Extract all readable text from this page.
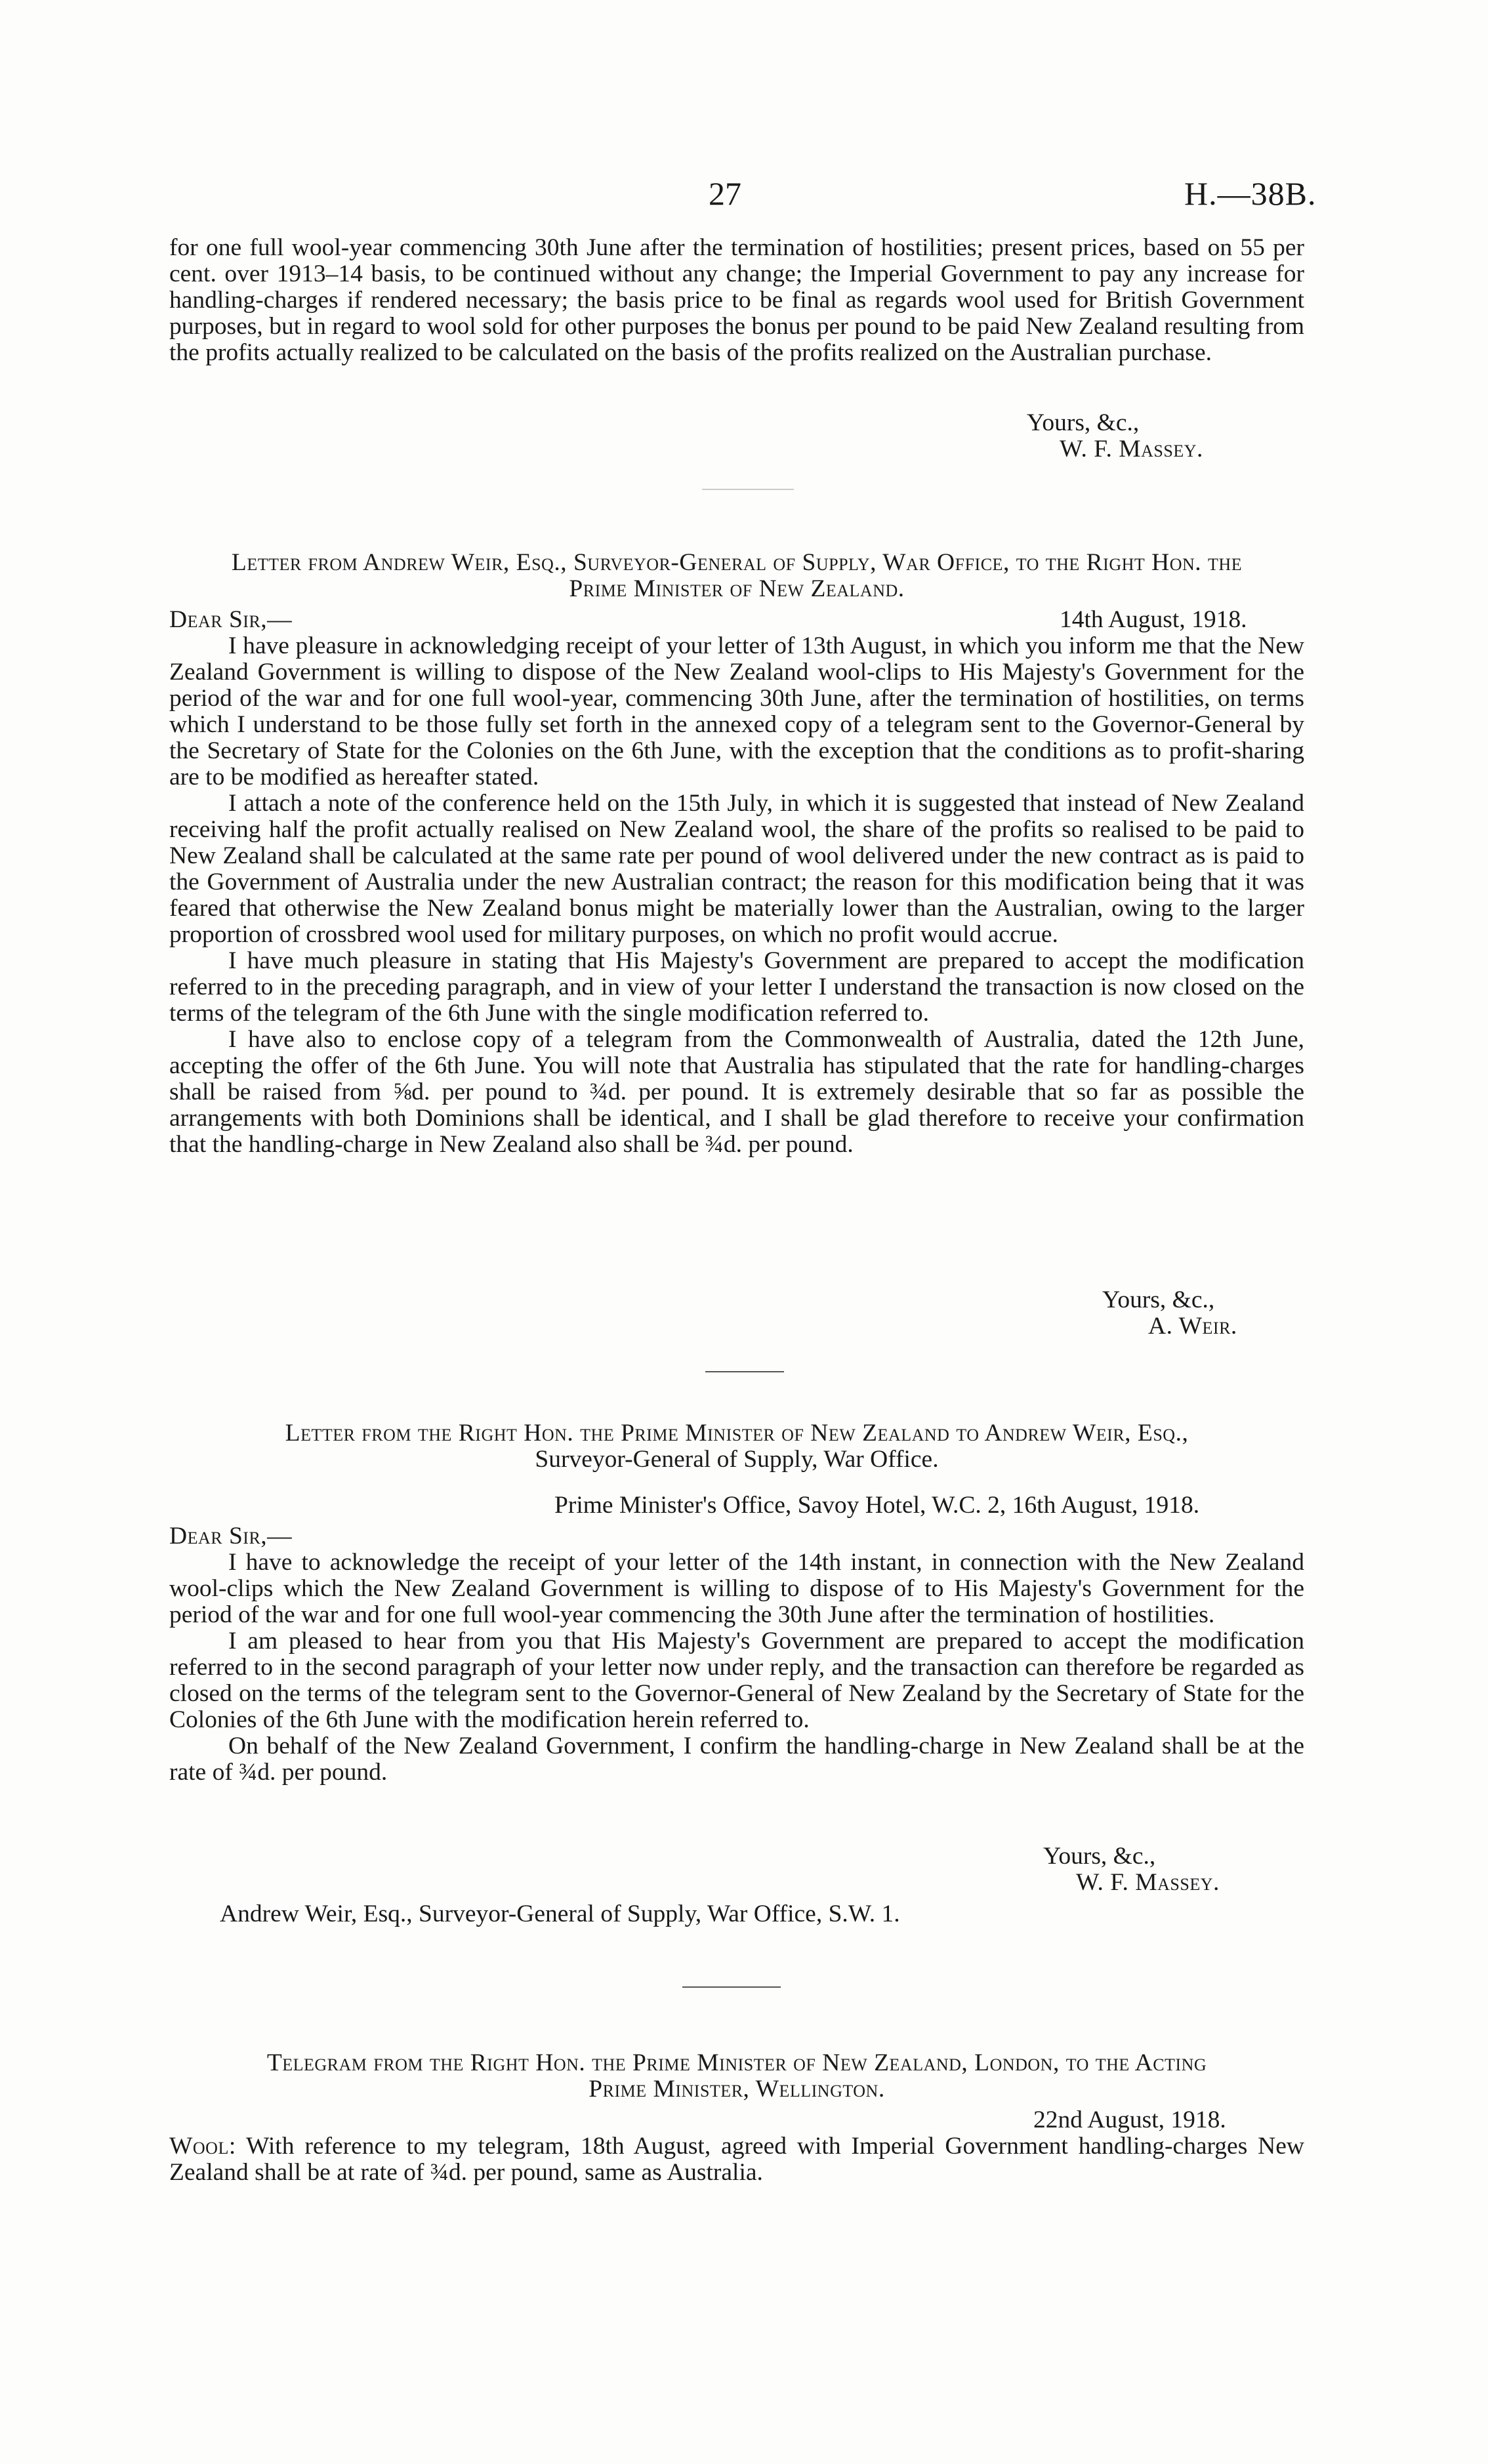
27	H.—38B.

for one full wool-year commencing 30th June after the termination of hostilities; present prices, based on 55 per cent. over 1913–14 basis, to be continued without any change; the Imperial Government to pay any increase for handling-charges if rendered necessary; the basis price to be final as regards wool used for British Government purposes, but in regard to wool sold for other purposes the bonus per pound to be paid New Zealand resulting from the profits actually realized to be calculated on the basis of the profits realized on the Australian purchase.

Yours, &c.,
W. F. Massey.
Letter from Andrew Weir, Esq., Surveyor-General of Supply, War Office, to the Right Hon. the
Prime Minister of New Zealand.
Dear Sir,—	14th August, 1918.

I have pleasure in acknowledging receipt of your letter of 13th August, in which you inform me that the New Zealand Government is willing to dispose of the New Zealand wool-clips to His Majesty's Government for the period of the war and for one full wool-year, commencing 30th June, after the termination of hostilities, on terms which I understand to be those fully set forth in the annexed copy of a telegram sent to the Governor-General by the Secretary of State for the Colonies on the 6th June, with the exception that the conditions as to profit-sharing are to be modified as hereafter stated.

I attach a note of the conference held on the 15th July, in which it is suggested that instead of New Zealand receiving half the profit actually realised on New Zealand wool, the share of the profits so realised to be paid to New Zealand shall be calculated at the same rate per pound of wool delivered under the new contract as is paid to the Government of Australia under the new Australian contract; the reason for this modification being that it was feared that otherwise the New Zealand bonus might be materially lower than the Australian, owing to the larger proportion of crossbred wool used for military purposes, on which no profit would accrue.

I have much pleasure in stating that His Majesty's Government are prepared to accept the modification referred to in the preceding paragraph, and in view of your letter I understand the transaction is now closed on the terms of the telegram of the 6th June with the single modification referred to.

I have also to enclose copy of a telegram from the Commonwealth of Australia, dated the 12th June, accepting the offer of the 6th June. You will note that Australia has stipulated that the rate for handling-charges shall be raised from ⅝d. per pound to ¾d. per pound. It is extremely desirable that so far as possible the arrangements with both Dominions shall be identical, and I shall be glad therefore to receive your confirmation that the handling-charge in New Zealand also shall be ¾d. per pound.

Yours, &c.,
A. Weir.
Letter from the Right Hon. the Prime Minister of New Zealand to Andrew Weir, Esq.,
Surveyor-General of Supply, War Office.
Prime Minister's Office, Savoy Hotel, W.C. 2, 16th August, 1918.
Dear Sir,—

I have to acknowledge the receipt of your letter of the 14th instant, in connection with the New Zealand wool-clips which the New Zealand Government is willing to dispose of to His Majesty's Government for the period of the war and for one full wool-year commencing the 30th June after the termination of hostilities.

I am pleased to hear from you that His Majesty's Government are prepared to accept the modification referred to in the second paragraph of your letter now under reply, and the transaction can therefore be regarded as closed on the terms of the telegram sent to the Governor-General of New Zealand by the Secretary of State for the Colonies of the 6th June with the modification herein referred to.

On behalf of the New Zealand Government, I confirm the handling-charge in New Zealand shall be at the rate of ¾d. per pound.

Yours, &c.,
W. F. Massey.
Andrew Weir, Esq., Surveyor-General of Supply, War Office, S.W. 1.
Telegram from the Right Hon. the Prime Minister of New Zealand, London, to the Acting
Prime Minister, Wellington.
22nd August, 1918.

Wool: With reference to my telegram, 18th August, agreed with Imperial Government handling-charges New Zealand shall be at rate of ¾d. per pound, same as Australia.
